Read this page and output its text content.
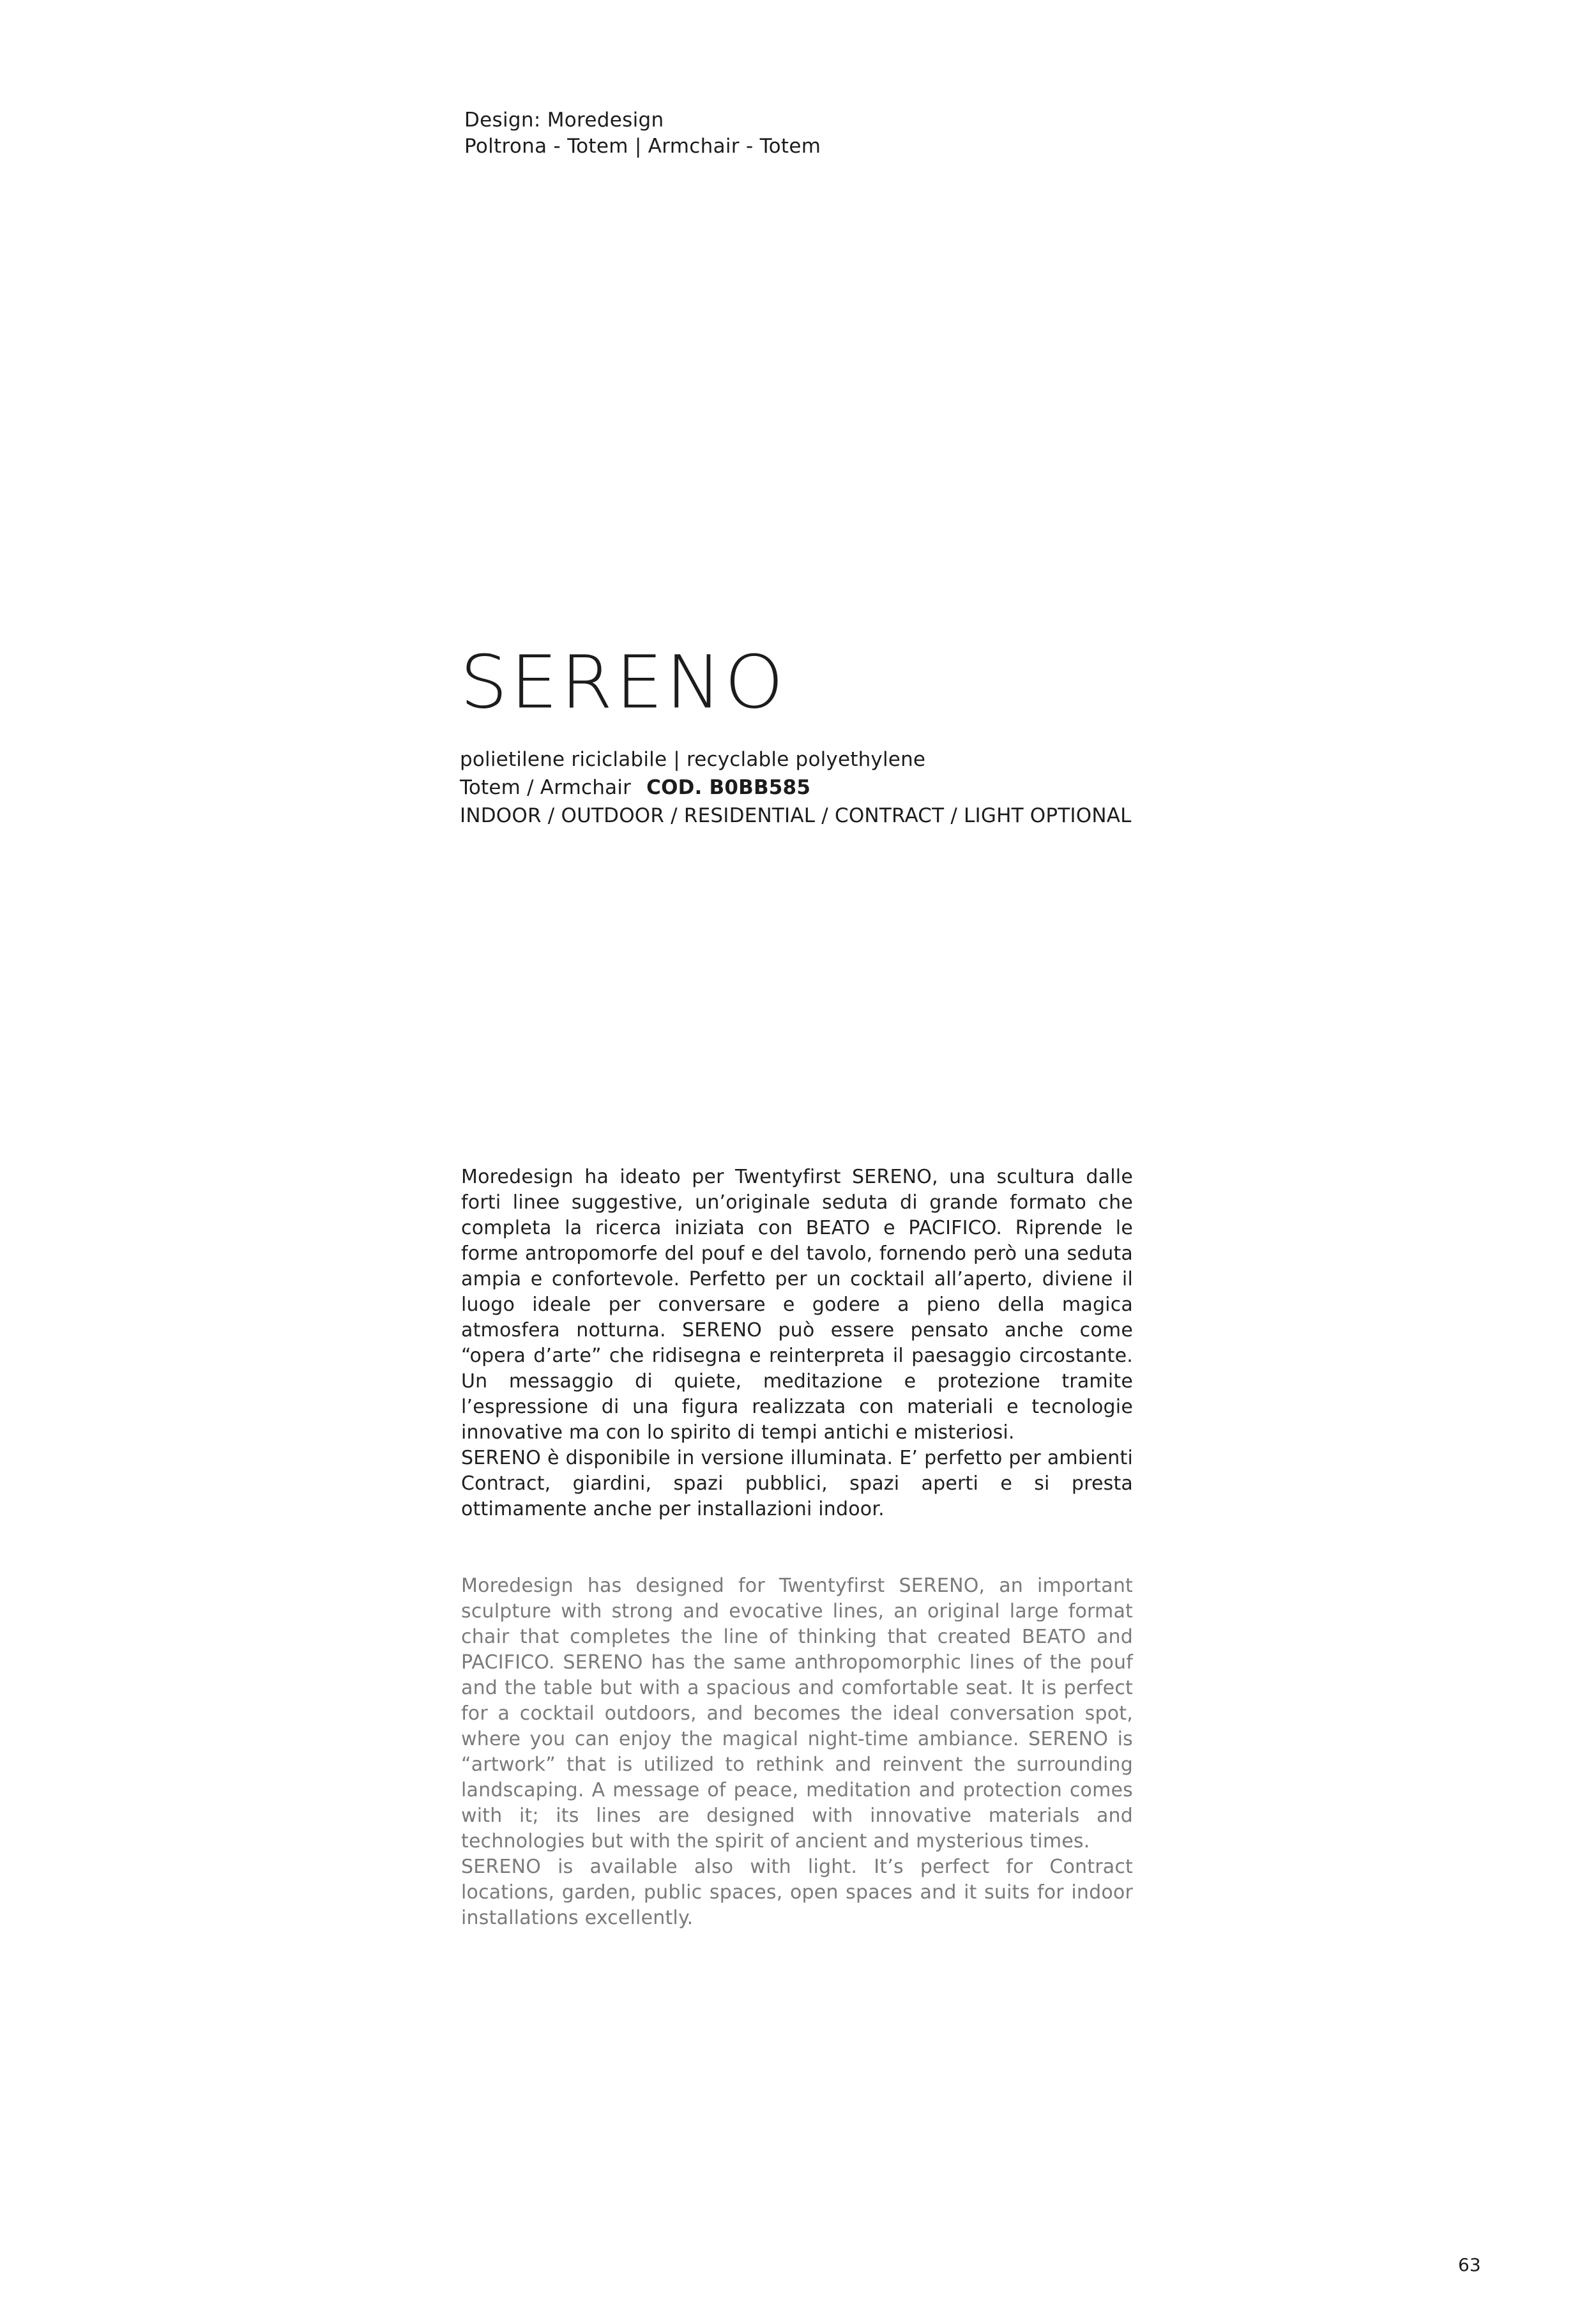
Design: Moredesign
Poltrona - Totem | Armchair - Totem
SERENO
polietilene riciclabile | recyclable polyethylene
Totem / Armchair COD. B0BB585
INDOOR / OUTDOOR / RESIDENTIAL / CONTRACT / LIGHT OPTIONAL

Moredesign ha ideato per Twentyfirst SERENO, una scultura dalle forti linee suggestive, un’originale seduta di grande formato che completa la ricerca iniziata con BEATO e PACIFICO. Riprende le forme antropomorfe del pouf e del tavolo, fornendo però una seduta ampia e confortevole. Perfetto per un cocktail all’aperto, diviene il luogo ideale per conversare e godere a pieno della magica atmosfera notturna. SERENO può essere pensato anche come “opera d’arte” che ridisegna e reinterpreta il paesaggio circostante. Un messaggio di quiete, meditazione e protezione tramite l’espressione di una figura realizzata con materiali e tecnologie innovative ma con lo spirito di tempi antichi e misteriosi.

SERENO è disponibile in versione illuminata. E’ perfetto per ambienti Contract, giardini, spazi pubblici, spazi aperti e si presta ottimamente anche per installazioni indoor.

Moredesign has designed for Twentyfirst SERENO, an important sculpture with strong and evocative lines, an original large format chair that completes the line of thinking that created BEATO and PACIFICO. SERENO has the same anthropomorphic lines of the pouf and the table but with a spacious and comfortable seat. It is perfect for a cocktail outdoors, and becomes the ideal conversation spot, where you can enjoy the magical night-time ambiance. SERENO is “artwork” that is utilized to rethink and reinvent the surrounding landscaping. A message of peace, meditation and protection comes with it; its lines are designed with innovative materials and technologies but with the spirit of ancient and mysterious times.

SERENO is available also with light. It’s perfect for Contract locations, garden, public spaces, open spaces and it suits for indoor installations excellently.

63
